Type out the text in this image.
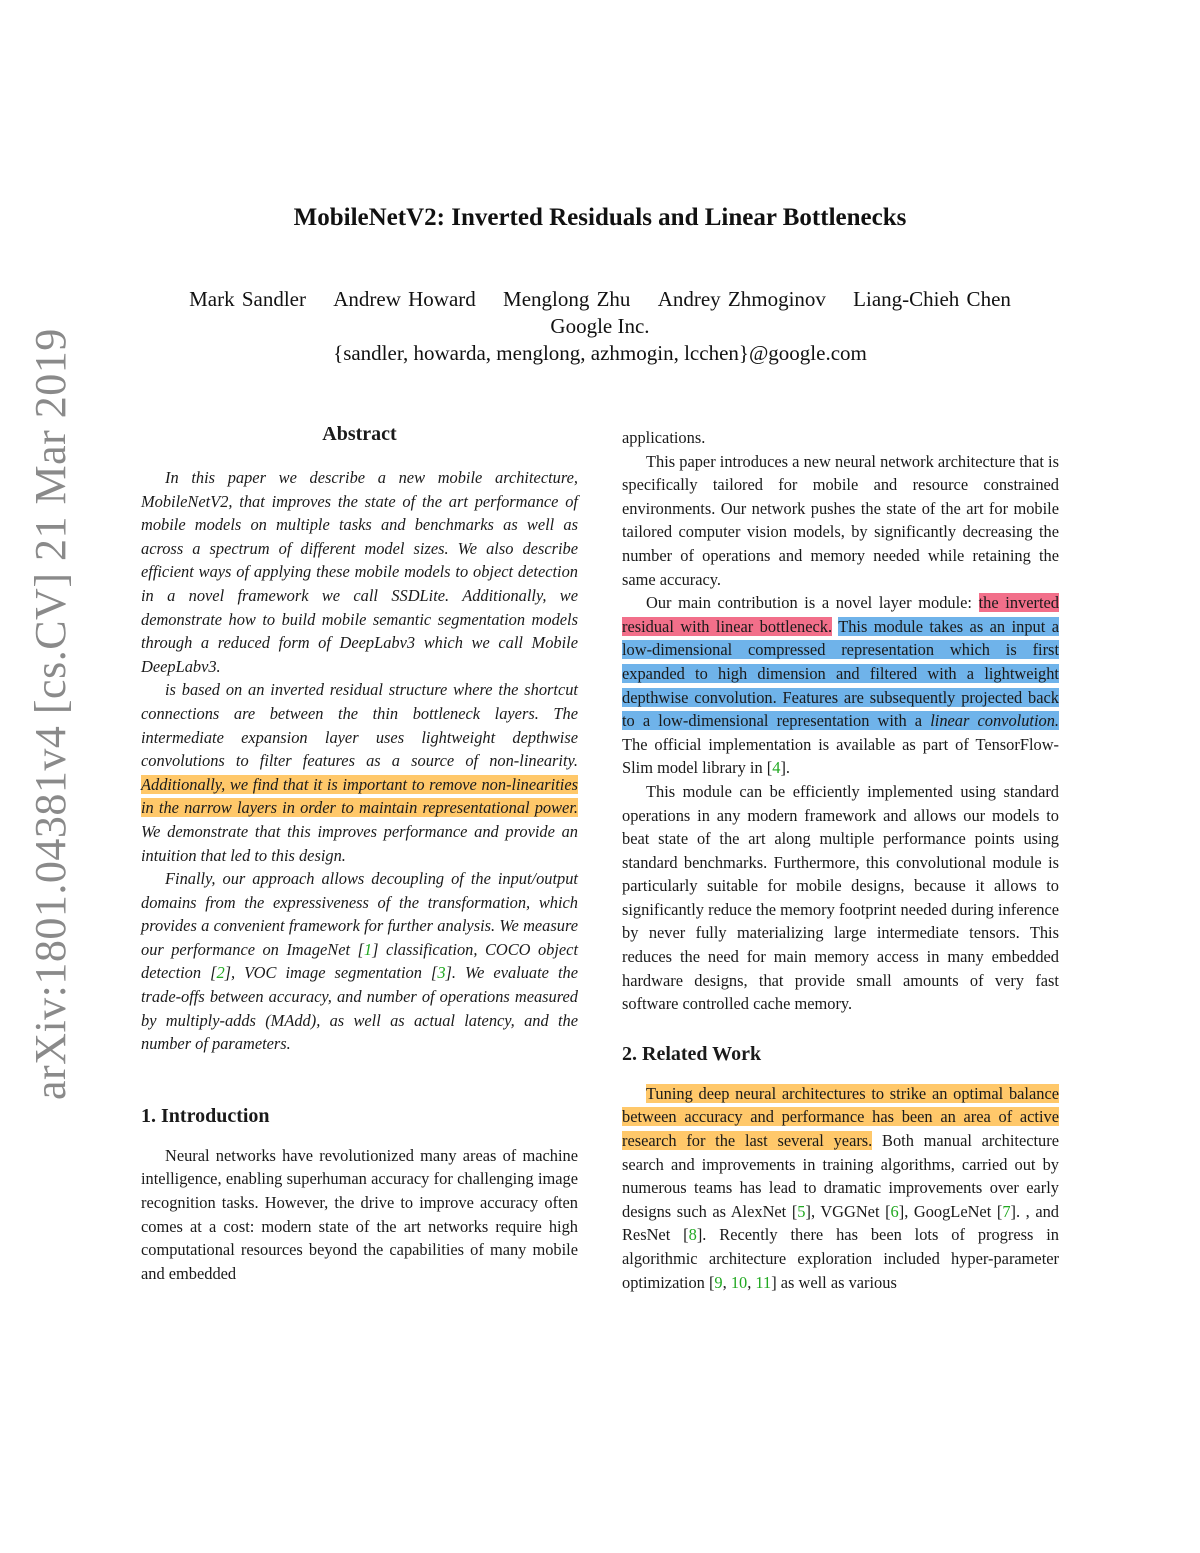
arXiv:1801.04381v4 [cs.CV] 21 Mar 2019
MobileNetV2: Inverted Residuals and Linear Bottlenecks
Mark Sandler Andrew Howard Menglong Zhu Andrey Zhmoginov Liang-Chieh Chen
Google Inc.
{sandler, howarda, menglong, azhmogin, lcchen}@google.com
Abstract

In this paper we describe a new mobile architecture, MobileNetV2, that improves the state of the art performance of mobile models on multiple tasks and benchmarks as well as across a spectrum of different model sizes. We also describe efficient ways of applying these mobile models to object detection in a novel framework we call SSDLite. Additionally, we demonstrate how to build mobile semantic segmentation models through a reduced form of DeepLabv3 which we call Mobile DeepLabv3.

is based on an inverted residual structure where the shortcut connections are between the thin bottleneck layers. The intermediate expansion layer uses lightweight depthwise convolutions to filter features as a source of non-linearity. Additionally, we find that it is important to remove non-linearities in the narrow layers in order to maintain representational power. We demonstrate that this improves performance and provide an intuition that led to this design.

Finally, our approach allows decoupling of the input/output domains from the expressiveness of the transformation, which provides a convenient framework for further analysis. We measure our performance on ImageNet [1] classification, COCO object detection [2], VOC image segmentation [3]. We evaluate the trade-offs between accuracy, and number of operations measured by multiply-adds (MAdd), as well as actual latency, and the number of parameters.

1. Introduction

Neural networks have revolutionized many areas of machine intelligence, enabling superhuman accuracy for challenging image recognition tasks. However, the drive to improve accuracy often comes at a cost: modern state of the art networks require high computational resources beyond the capabilities of many mobile and embedded

applications.

This paper introduces a new neural network architecture that is specifically tailored for mobile and resource constrained environments. Our network pushes the state of the art for mobile tailored computer vision models, by significantly decreasing the number of operations and memory needed while retaining the same accuracy.

Our main contribution is a novel layer module: the inverted residual with linear bottleneck. This module takes as an input a low-dimensional compressed representation which is first expanded to high dimension and filtered with a lightweight depthwise convolution. Features are subsequently projected back to a low-dimensional representation with a linear convolution. The official implementation is available as part of TensorFlow-Slim model library in [4].

This module can be efficiently implemented using standard operations in any modern framework and allows our models to beat state of the art along multiple performance points using standard benchmarks. Furthermore, this convolutional module is particularly suitable for mobile designs, because it allows to significantly reduce the memory footprint needed during inference by never fully materializing large intermediate tensors. This reduces the need for main memory access in many embedded hardware designs, that provide small amounts of very fast software controlled cache memory.

2. Related Work

Tuning deep neural architectures to strike an optimal balance between accuracy and performance has been an area of active research for the last several years. Both manual architecture search and improvements in training algorithms, carried out by numerous teams has lead to dramatic improvements over early designs such as AlexNet [5], VGGNet [6], GoogLeNet [7]. , and ResNet [8]. Recently there has been lots of progress in algorithmic architecture exploration included hyper-parameter optimization [9, 10, 11] as well as various
